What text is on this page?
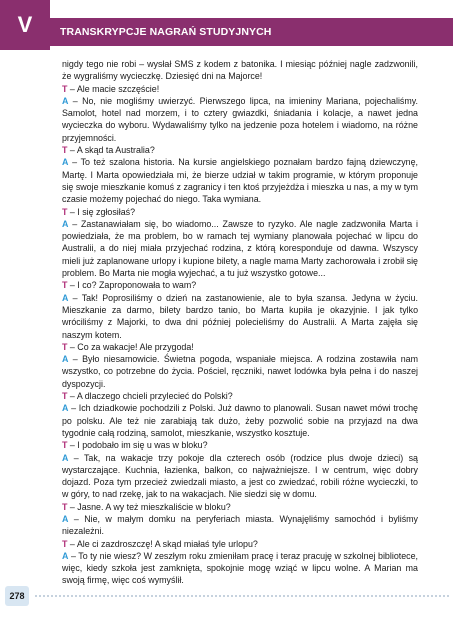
V	TRANSKRYPCJE NAGRAŃ STUDYJNYCH

nigdy tego nie robi – wysłał SMS z kodem z batonika. I miesiąc później nagle zadzwonili, że wygraliśmy wycieczkę. Dziesięć dni na Majorce!

T – Ale macie szczęście!

A – No, nie mogliśmy uwierzyć. Pierwszego lipca, na imieniny Mariana, pojechaliśmy. Samolot, hotel nad morzem, i to cztery gwiazdki, śniadania i kolacje, a nawet jedna wycieczka do wyboru. Wydawaliśmy tylko na jedzenie poza hotelem i wiadomo, na różne przyjemności.

T – A skąd ta Australia?

A – To też szalona historia. Na kursie angielskiego poznałam bardzo fajną dziewczynę, Martę. I Marta opowiedziała mi, że bierze udział w takim programie, w którym proponuje się swoje mieszkanie komuś z zagranicy i ten ktoś przyjeżdża i mieszka u nas, a my w tym czasie możemy pojechać do niego. Taka wymiana.

T – I się zgłosiłaś?

A – Zastanawiałam się, bo wiadomo... Zawsze to ryzyko. Ale nagle zadzwoniła Marta i powiedziała, że ma problem, bo w ramach tej wymiany planowała pojechać w lipcu do Australii, a do niej miała przyjechać rodzina, z którą koresponduje od dawna. Wszyscy mieli już zaplanowane urlopy i kupione bilety, a nagle mama Marty zachorowała i zrobił się problem. Bo Marta nie mogła wyjechać, a tu już wszystko gotowe...

T – I co? Zaproponowała to wam?

A – Tak! Poprosiliśmy o dzień na zastanowienie, ale to była szansa. Jedyna w życiu. Mieszkanie za darmo, bilety bardzo tanio, bo Marta kupiła je okazyjnie. I jak tylko wróciliśmy z Majorki, to dwa dni później polecieliśmy do Australii. A Marta zajęła się naszym kotem.

T – Co za wakacje! Ale przygoda!

A – Było niesamowicie. Świetna pogoda, wspaniałe miejsca. A rodzina zostawiła nam wszystko, co potrzebne do życia. Pościel, ręczniki, nawet lodówka była pełna i do naszej dyspozycji.

T – A dlaczego chcieli przylecieć do Polski?

A – Ich dziadkowie pochodzili z Polski. Już dawno to planowali. Susan nawet mówi trochę po polsku. Ale też nie zarabiają tak dużo, żeby pozwolić sobie na przyjazd na dwa tygodnie całą rodziną, samolot, mieszkanie, wszystko kosztuje.

T – I podobało im się u was w bloku?

A – Tak, na wakacje trzy pokoje dla czterech osób (rodzice plus dwoje dzieci) są wystarczające. Kuchnia, łazienka, balkon, co najważniejsze. I w centrum, więc dobry dojazd. Poza tym przecież zwiedzali miasto, a jest co zwiedzać, robili różne wycieczki, to w góry, to nad rzekę, jak to na wakacjach. Nie siedzi się w domu.

T – Jasne. A wy też mieszkaliście w bloku?

A – Nie, w małym domku na peryferiach miasta. Wynajęliśmy samochód i byliśmy niezależni.

T – Ale ci zazdroszczę! A skąd miałaś tyle urlopu?

A – To ty nie wiesz? W zeszłym roku zmieniłam pracę i teraz pracuję w szkolnej bibliotece, więc, kiedy szkoła jest zamknięta, spokojnie mogę wziąć w lipcu wolne. A Marian ma swoją firmę, więc coś wymyślił.

278
